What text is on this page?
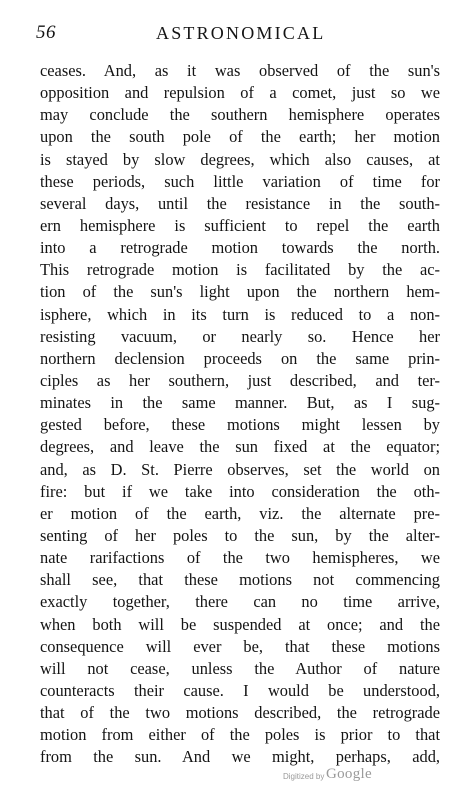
56	ASTRONOMICAL
ceases. And, as it was observed of the sun's
opposition and repulsion of a comet, just so we
may conclude the southern hemisphere operates
upon the south pole of the earth; her motion
is stayed by slow degrees, which also causes, at
these periods, such little variation of time for
several days, until the resistance in the south-
ern hemisphere is sufficient to repel the earth
into a retrograde motion towards the north.
This retrograde motion is facilitated by the ac-
tion of the sun's light upon the northern hem-
isphere, which in its turn is reduced to a non-
resisting vacuum, or nearly so. Hence her
northern declension proceeds on the same prin-
ciples as her southern, just described, and ter-
minates in the same manner. But, as I sug-
gested before, these motions might lessen by
degrees, and leave the sun fixed at the equator;
and, as D. St. Pierre observes, set the world on
fire: but if we take into consideration the oth-
er motion of the earth, viz. the alternate pre-
senting of her poles to the sun, by the alter-
nate rarifactions of the two hemispheres, we
shall see, that these motions not commencing
exactly together, there can no time arrive,
when both will be suspended at once; and the
consequence will ever be, that these motions
will not cease, unless the Author of nature
counteracts their cause. I would be understood,
that of the two motions described, the retrograde
motion from either of the poles is prior to that
from the sun. And we might, perhaps, add,
Digitized by Google
